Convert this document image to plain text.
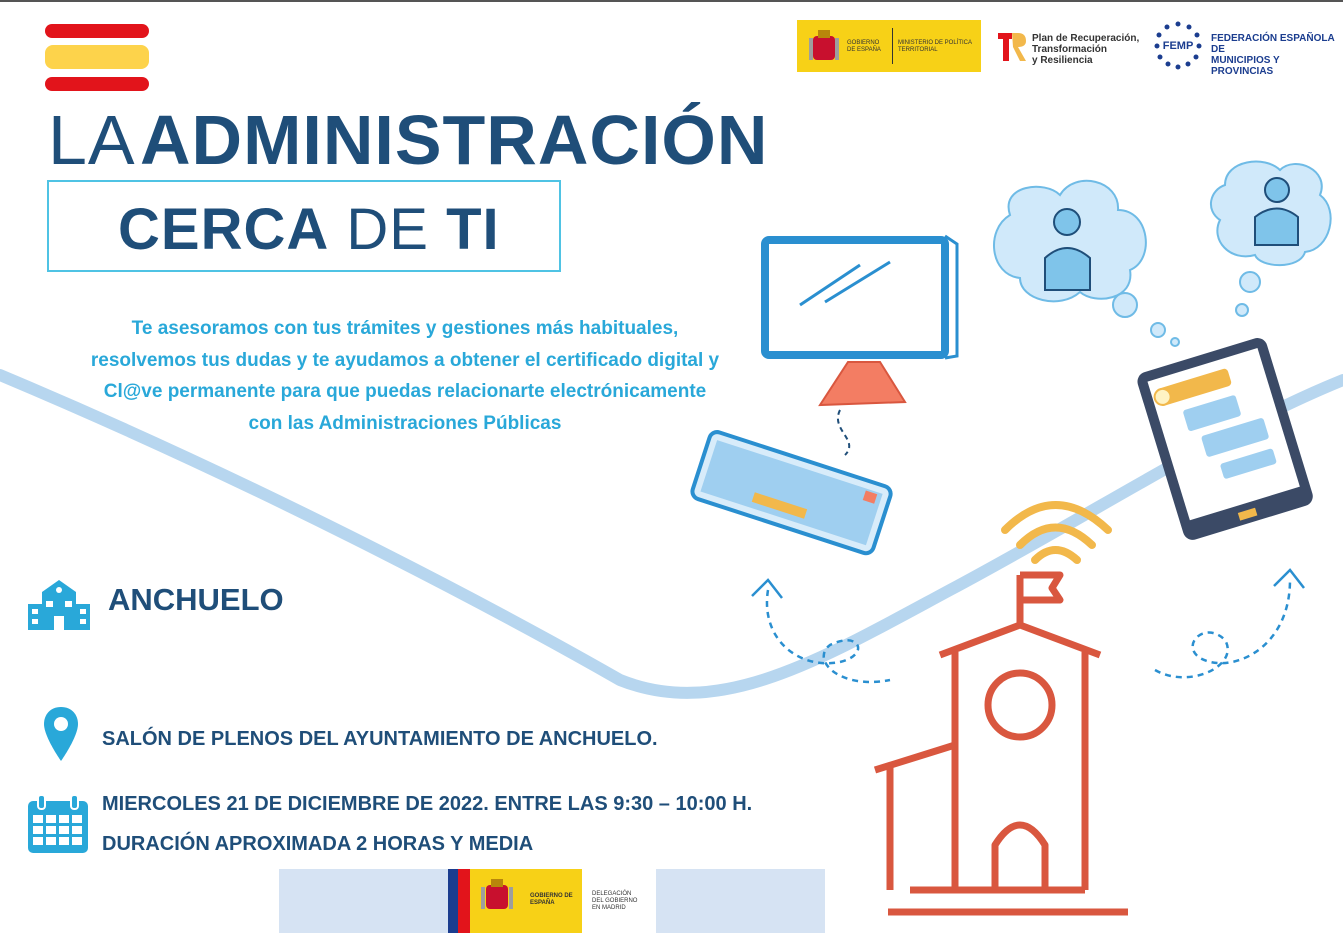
LA ADMINISTRACIÓN
CERCA DE TI
GOBIERNO DE ESPAÑA
MINISTERIO DE POLÍTICA TERRITORIAL
Plan de Recuperación,
Transformación
y Resiliencia
FEMP
FEDERACIÓN ESPAÑOLA DE
MUNICIPIOS Y PROVINCIAS
Te asesoramos con tus trámites y gestiones más habituales, resolvemos tus dudas y te ayudamos a obtener el certificado digital y Cl@ve permanente para que puedas relacionarte electrónicamente con las Administraciones Públicas
ANCHUELO
SALÓN DE PLENOS DEL AYUNTAMIENTO DE ANCHUELO.
MIERCOLES 21 DE DICIEMBRE DE 2022. ENTRE LAS 9:30 – 10:00 H.
DURACIÓN APROXIMADA 2 HORAS Y MEDIA
GOBIERNO DE ESPAÑA
DELEGACIÓN
DEL GOBIERNO
EN MADRID
